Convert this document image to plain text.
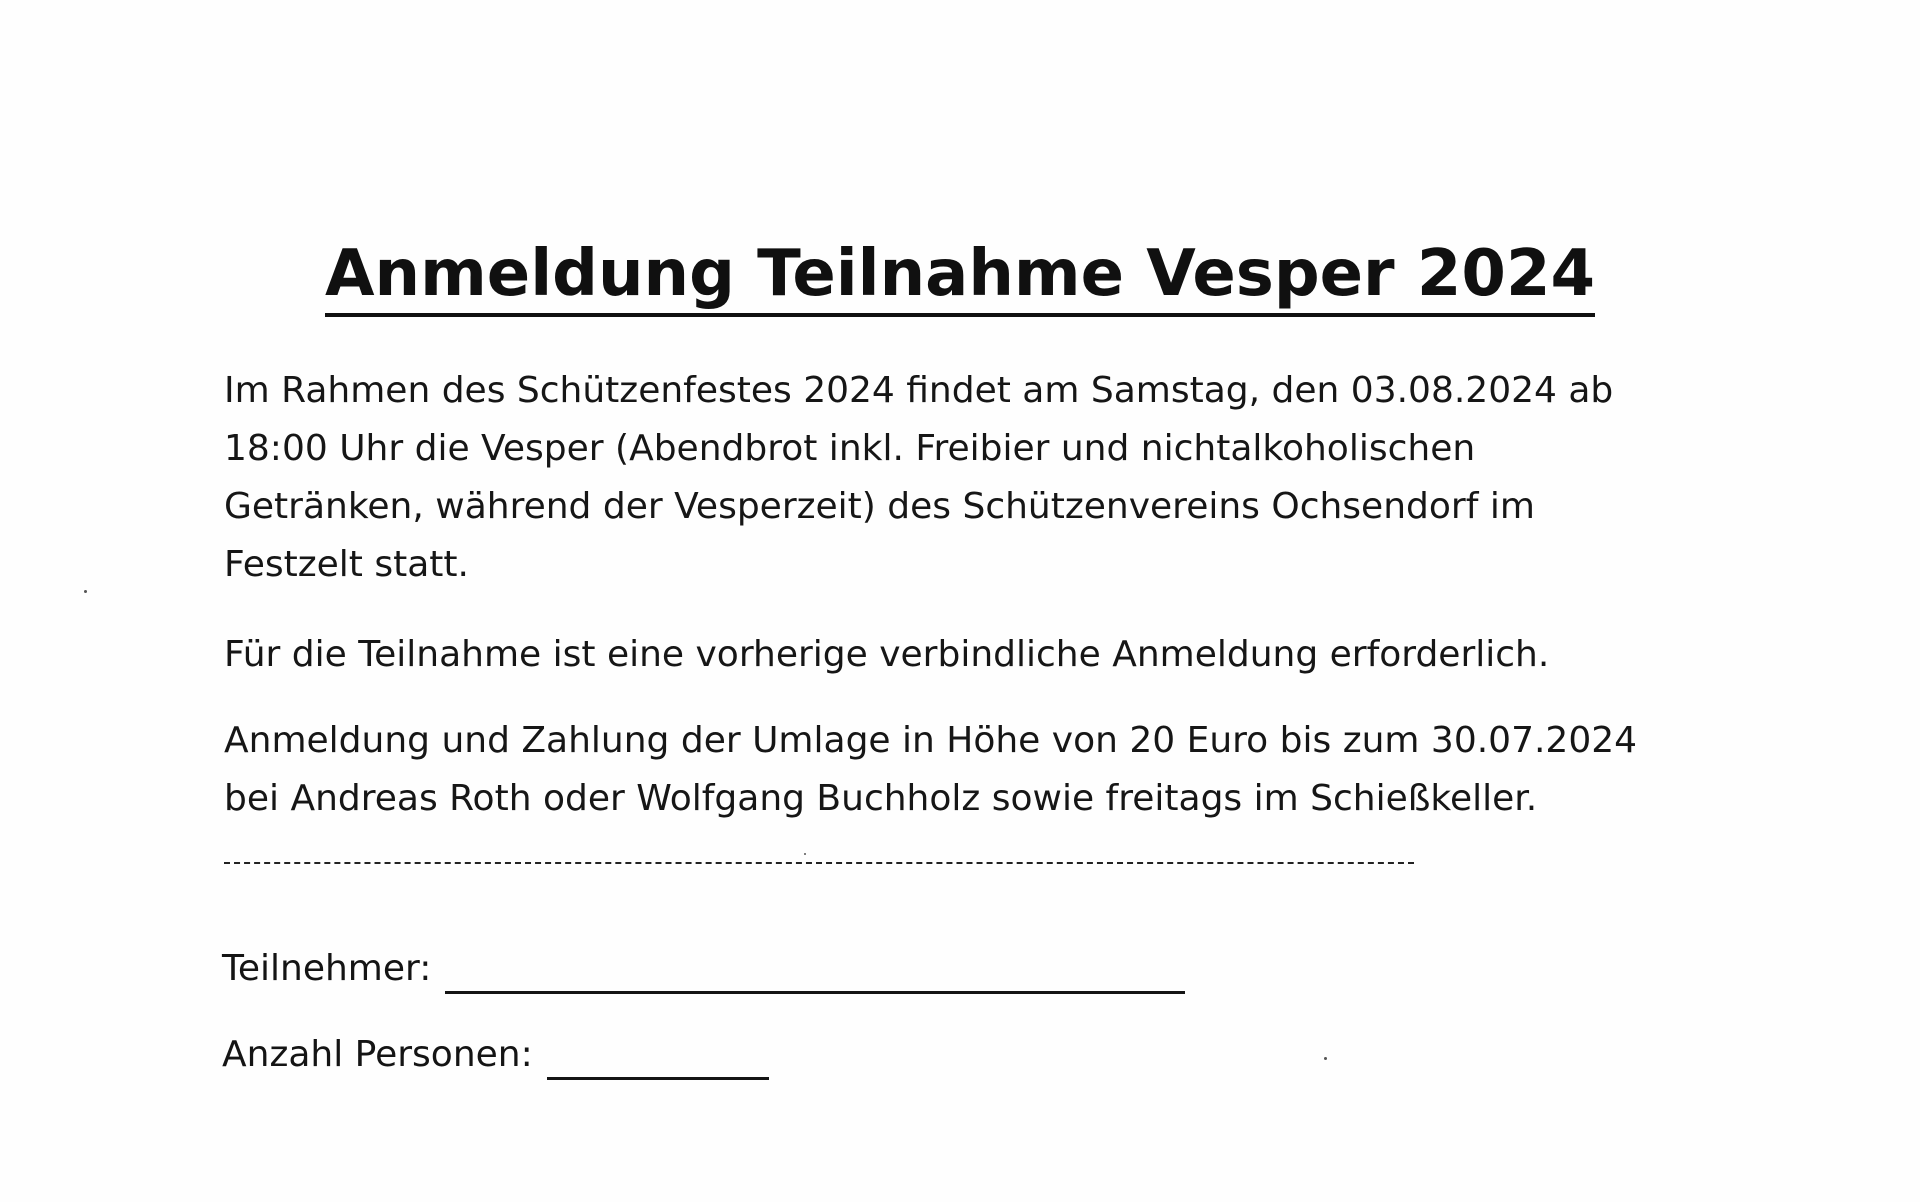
Anmeldung Teilnahme Vesper 2024

Im Rahmen des Schützenfestes 2024 findet am Samstag, den 03.08.2024 ab 18:00 Uhr die Vesper (Abendbrot inkl. Freibier und nichtalkoholischen Getränken, während der Vesperzeit) des Schützenvereins Ochsendorf im Festzelt statt.

Für die Teilnahme ist eine vorherige verbindliche Anmeldung erforderlich.

Anmeldung und Zahlung der Umlage in Höhe von 20 Euro bis zum 30.07.2024 bei Andreas Roth oder Wolfgang Buchholz sowie freitags im Schießkeller.

Teilnehmer:
Anzahl Personen:
